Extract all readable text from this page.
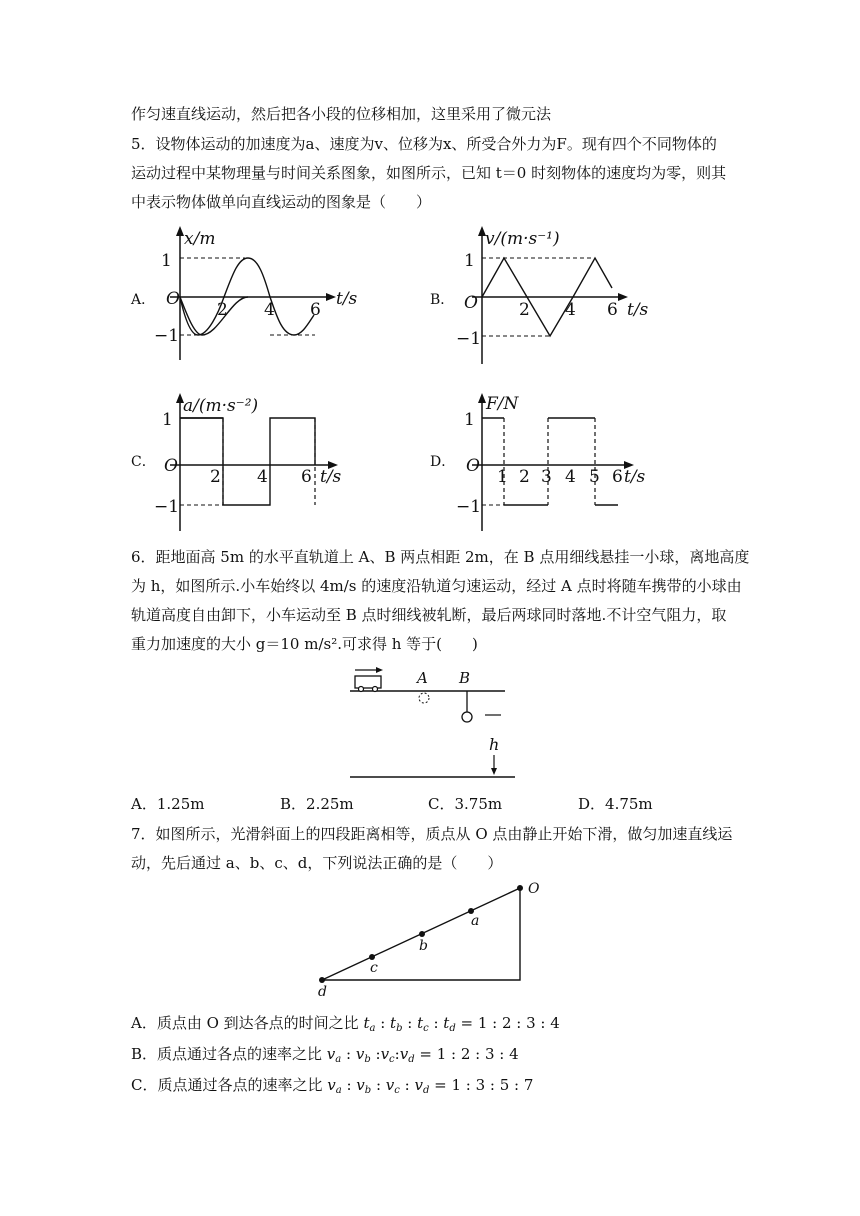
作匀速直线运动，然后把各小段的位移相加，这里采用了微元法
5．设物体运动的加速度为a、速度为v、位移为x、所受合外力为F。现有四个不同物体的
运动过程中某物理量与时间关系图象，如图所示，已知 t＝0 时刻物体的速度均为零，则其
中表示物体做单向直线运动的图象是（　　）
A．	B．
C．	D．
x/m
1
O
−1
2 4 6
t/s
v/(m·s⁻¹)
1
O
−1
2 4 6 t/s
a/(m·s⁻²)
1
O
−1
2 4 6 t/s
F/N
1
O
−1
1 2 3 4 5 6 t/s
6．距地面高 5m 的水平直轨道上 A、B 两点相距 2m，在 B 点用细线悬挂一小球，离地高度
为 h，如图所示.小车始终以 4m/s 的速度沿轨道匀速运动，经过 A 点时将随车携带的小球由
轨道高度自由卸下，小车运动至 B 点时细线被轧断，最后两球同时落地.不计空气阻力，取
重力加速度的大小 g＝10 m/s².可求得 h 等于(　　)
A B
h
A．1.25m	B．2.25m	C．3.75m	D．4.75m
7．如图所示，光滑斜面上的四段距离相等，质点从 O 点由静止开始下滑，做匀加速直线运
动，先后通过 a、b、c、d，下列说法正确的是（　　）
O
a
b
c
d
A．质点由 O 到达各点的时间之比 $t_a$ : $t_b$ : $t_c$ : $t_d = 1$ : 2 : 3 : 4
B．质点通过各点的速率之比 $v_a$ : $v_b$ $:v_c:v_d = 1$ : 2 : 3 : 4
C．质点通过各点的速率之比 $v_a$ : $v_b$ : $v_c$ : $v_d = 1$ : 3 : 5 : 7
